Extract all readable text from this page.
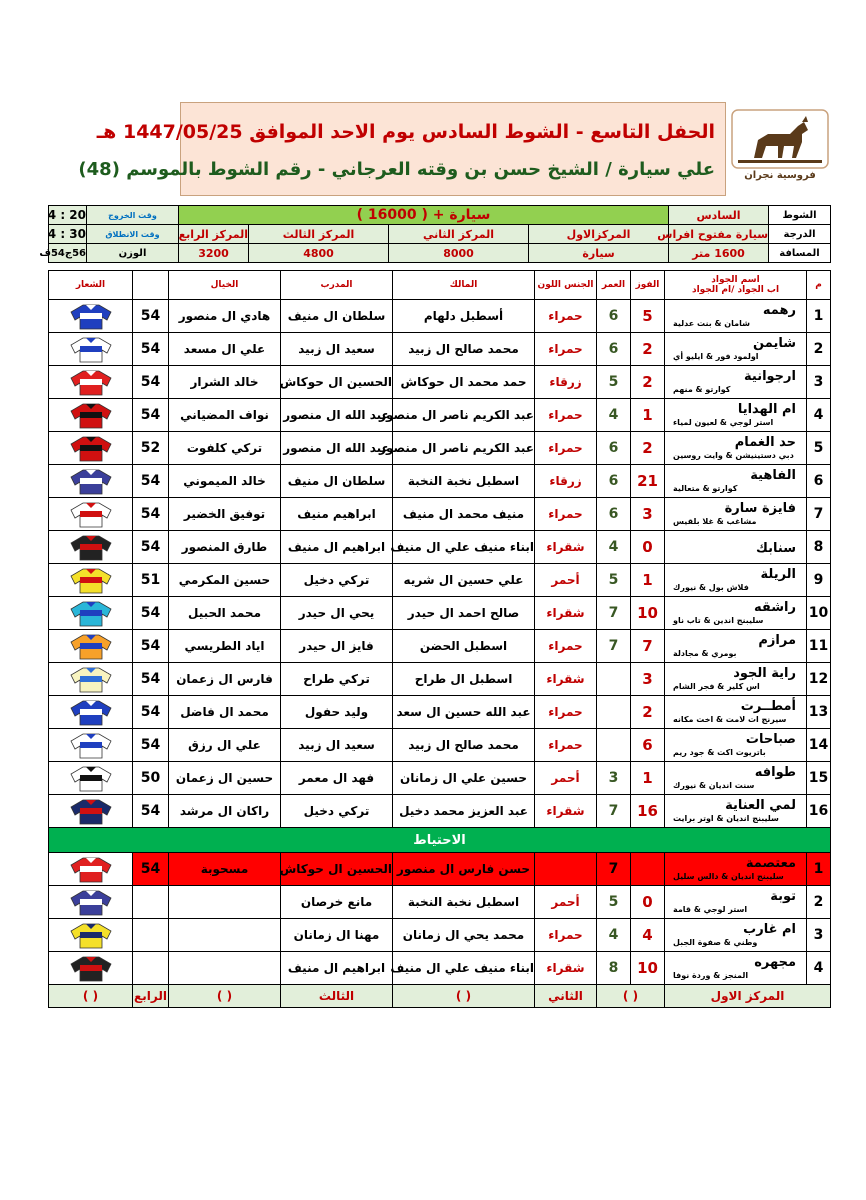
الحفل التاسع - الشوط السادس يوم الاحد الموافق 1447/05/25 هـ
علي سيارة / الشيخ حسن بن وقته العرجاني - رقم الشوط بالموسم (48)	فروسية نجران
الشوط	السادس	سيارة + ( 16000 )				وقت الخروج	20 : 4
الدرجة	سيارة مفتوح افراس	المركزالاول	المركز الثاني	المركز الثالث	المركز الرابع	وقت الانطلاق	30 : 4
المسافة	1600 متر	سيارة	8000	4800	3200	الوزن	56ج54ف
م	اسم الجواد
اب الجواد /ام الجواد	الفوز	العمر	الجنس اللون	المالك	المدرب	الخيال		الشعار
1	رهمه
شامان & بنت عدلية	5	6	حمراء	أسطبل دلهام	سلطان ال منيف	هادي ال منصور	54	

2	شايمن
اولمود فور & ايليو أي	2	6	حمراء	محمد صالح ال زبيد	سعيد ال زبيد	علي ال مسعد	54	

3	ارجوانية
كوارتو & منهم	2	5	زرقاء	حمد محمد ال حوكاش	الحسين ال حوكاش	خالد الشرار	54	

4	ام الهدايا
استر لوجي & لعيون لمياء	1	4	حمراء	عبد الكريم ناصر ال منصور	عبد الله ال منصور	نواف المضياني	54	

5	حد الغمام
دبي دستينيشن & وايت روسين	2	6	حمراء	عبد الكريم ناصر ال منصور	عبد الله ال منصور	تركي كلفوت	52	

6	الفاهية
كوارتو & متعالية	21	6	زرقاء	اسطبل نخبة النخبة	سلطان ال منيف	خالد الميموني	54	

7	فايزة سارة
مشاغب & غلا بلقيس	3	6	حمراء	منيف محمد ال منيف	ابراهيم منيف	توفيق الخضير	54	

8	سنابك	0	4	شقراء	ابناء منيف علي ال منيف	ابراهيم ال منيف	طارق المنصور	54	

9	الريلة
فلاش بول & نيورك	1	5	أحمر	علي حسين ال شريه	تركي دخيل	حسين المكرمي	51	

10	راشقه
سليبنج اندين & تاب ناو	10	7	شقراء	صالح احمد ال حيدر	يحي ال حيدر	محمد الحبيل	54	

11	مرازم
بومري & مجادلة	7	7	حمراء	اسطبل الحضن	فايز ال حيدر	اياد الطريسي	54	

12	راية الجود
اس كلير & فجر الشام	3		شقراء	اسطبل ال طراح	تركي طراح	فارس ال زعمان	54	

13	أمطــرت
سيرنج ات لامت & اخت مكانه	2		حمراء	عبد الله حسين ال سعد	وليد حفول	محمد ال فاضل	54	

14	صباحات
باتريوت اكت & جود ريم	6		حمراء	محمد صالح ال زبيد	سعيد ال زبيد	علي ال رزق	54	

15	طوافه
سنت انديان & نيورك	1	3	أحمر	حسين علي ال زمانان	فهد ال معمر	حسين ال زعمان	50	

16	لمي العناية
سليبنج انديان & اوتر برايت	16	7	شقراء	عبد العزيز محمد دخيل	تركي دخيل	راكان ال مرشد	54	

الاحتياط									
1	معتصمة
سليبنج انديان & دالس سليل		7		حسن فارس ال منصور	الحسين ال حوكاش	مسحوبة	54	

2	توبة
استر لوجي & قامة	0	5	أحمر	اسطبل نخبة النخبة	مانع خرصان			

3	ام غارب
وطني & صفوة الجبل	4	4	حمراء	محمد يحي ال زمانان	مهنا ال زمانان			

4	مجهره
المنجز & وردة نوفا	10	8	شقراء	ابناء منيف علي ال منيف	ابراهيم ال منيف			

المركز الاول		( )		الثاني	( )	الثالث	( )	الرابع	( )
